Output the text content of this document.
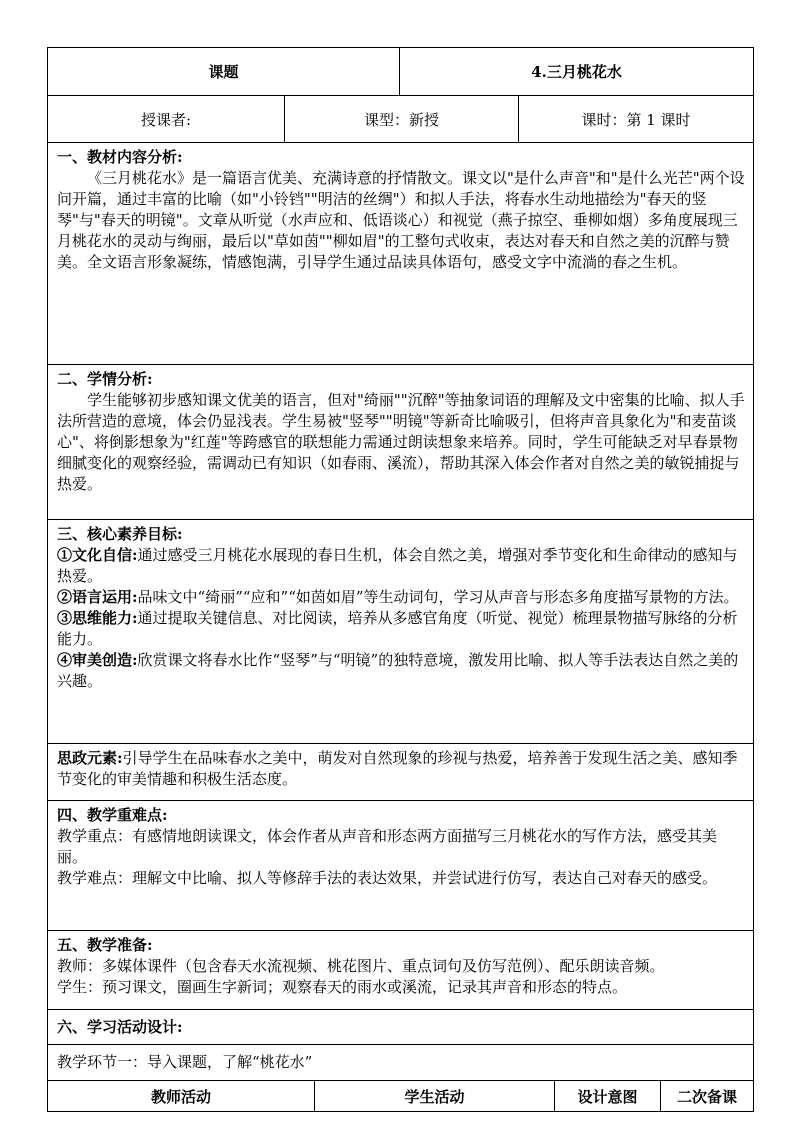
课题	4.三月桃花水
授课者:	课型：新授	课时：第 1 课时

一、教材内容分析:

《三月桃花水》是一篇语言优美、充满诗意的抒情散文。课文以"是什么声音"和"是什么光芒"两个设问开篇，通过丰富的比喻（如"小铃铛""明洁的丝绸"）和拟人手法，将春水生动地描绘为"春天的竖琴"与"春天的明镜"。文章从听觉（水声应和、低语谈心）和视觉（燕子掠空、垂柳如烟）多角度展现三月桃花水的灵动与绚丽，最后以"草如茵""柳如眉"的工整句式收束，表达对春天和自然之美的沉醉与赞美。全文语言形象凝练，情感饱满，引导学生通过品读具体语句，感受文字中流淌的春之生机。

二、学情分析:

学生能够初步感知课文优美的语言，但对"绮丽""沉醉"等抽象词语的理解及文中密集的比喻、拟人手法所营造的意境，体会仍显浅表。学生易被"竖琴""明镜"等新奇比喻吸引，但将声音具象化为"和麦苗谈心"、将倒影想象为"红莲"等跨感官的联想能力需通过朗读想象来培养。同时，学生可能缺乏对早春景物细腻变化的观察经验，需调动已有知识（如春雨、溪流），帮助其深入体会作者对自然之美的敏锐捕捉与热爱。

三、核心素养目标:

①文化自信:通过感受三月桃花水展现的春日生机，体会自然之美，增强对季节变化和生命律动的感知与热爱。

②语言运用:品味文中“绮丽”“应和”“如茵如眉”等生动词句，学习从声音与形态多角度描写景物的方法。

③思维能力:通过提取关键信息、对比阅读，培养从多感官角度（听觉、视觉）梳理景物描写脉络的分析能力。

④审美创造:欣赏课文将春水比作“竖琴”与“明镜”的独特意境，激发用比喻、拟人等手法表达自然之美的兴趣。

思政元素:引导学生在品味春水之美中，萌发对自然现象的珍视与热爱，培养善于发现生活之美、感知季节变化的审美情趣和积极生活态度。

四、教学重难点:

教学重点：有感情地朗读课文，体会作者从声音和形态两方面描写三月桃花水的写作方法，感受其美丽。

教学难点：理解文中比喻、拟人等修辞手法的表达效果，并尝试进行仿写，表达自己对春天的感受。

五、教学准备:

教师：多媒体课件（包含春天水流视频、桃花图片、重点词句及仿写范例）、配乐朗读音频。

学生：预习课文，圈画生字新词；观察春天的雨水或溪流，记录其声音和形态的特点。

六、学习活动设计:

教学环节一：导入课题，了解“桃花水”

教师活动	学生活动	设计意图	二次备课
